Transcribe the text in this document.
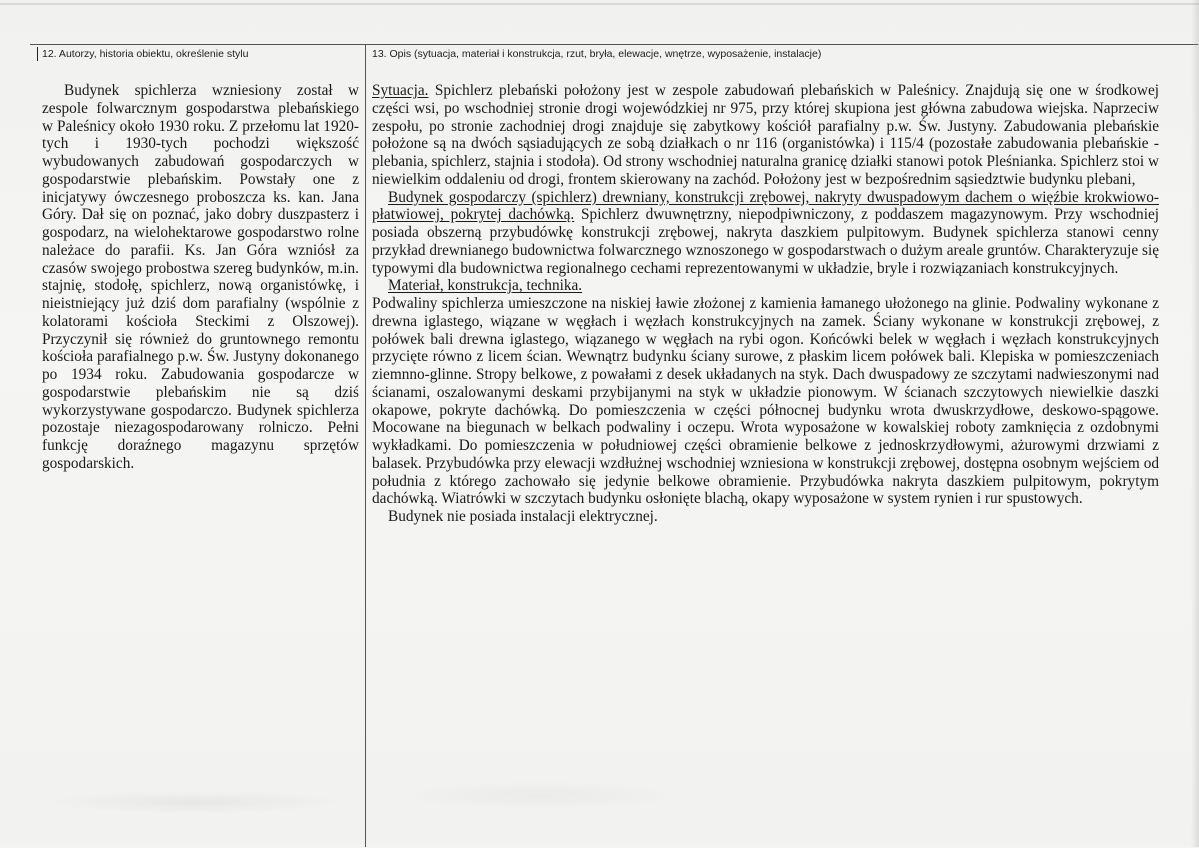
12. Autorzy, historia obiektu, określenie stylu	13. Opis (sytuacja, materiał i konstrukcja, rzut, bryła, elewacje, wnętrze, wyposażenie, instalacje)
Budynek spichlerza wzniesiony został w zespole folwarcznym gospodarstwa plebańskiego w Paleśnicy około 1930 roku. Z przełomu lat 1920-tych i 1930-tych pochodzi większość wybudowanych zabudowań gospodarczych w gospodarstwie plebańskim. Powstały one z inicjatywy ówczesnego proboszcza ks. kan. Jana Góry. Dał się on poznać, jako dobry duszpasterz i gospodarz, na wielohektarowe gospodarstwo rolne należace do parafii. Ks. Jan Góra wzniósł za czasów swojego probostwa szereg budynków, m.in. stajnię, stodołę, spichlerz, nową organistówkę, i nieistniejący już dziś dom parafialny (wspólnie z kolatorami kościoła Steckimi z Olszowej). Przyczynił się również do gruntownego remontu kościoła parafialnego p.w. Św. Justyny dokonanego po 1934 roku. Zabudowania gospodarcze w gospodarstwie plebańskim nie są dziś wykorzystywane gospodarczo. Budynek spichlerza pozostaje niezagospodarowany rolniczo. Pełni funkcję doraźnego magazynu sprzętów gospodarskich.

Sytuacja. Spichlerz plebański położony jest w zespole zabudowań plebańskich w Paleśnicy. Znajdują się one w środkowej części wsi, po wschodniej stronie drogi wojewódzkiej nr 975, przy której skupiona jest główna zabudowa wiejska. Naprzeciw zespołu, po stronie zachodniej drogi znajduje się zabytkowy kościół parafialny p.w. Św. Justyny. Zabudowania plebańskie położone są na dwóch sąsiadujących ze sobą działkach o nr 116 (organistówka) i 115/4 (pozostałe zabudowania plebańskie - plebania, spichlerz, stajnia i stodoła). Od strony wschodniej naturalna granicę działki stanowi potok Pleśnianka. Spichlerz stoi w niewielkim oddaleniu od drogi, frontem skierowany na zachód. Położony jest w bezpośrednim sąsiedztwie budynku plebani,

Budynek gospodarczy (spichlerz) drewniany, konstrukcji zrębowej, nakryty dwuspadowym dachem o więźbie krokwiowo-płatwiowej, pokrytej dachówką. Spichlerz dwuwnętrzny, niepodpiwniczony, z poddaszem magazynowym. Przy wschodniej posiada obszerną przybudówkę konstrukcji zrębowej, nakryta daszkiem pulpitowym. Budynek spichlerza stanowi cenny przykład drewnianego budownictwa folwarcznego wznoszonego w gospodarstwach o dużym areale gruntów. Charakteryzuje się typowymi dla budownictwa regionalnego cechami reprezentowanymi w układzie, bryle i rozwiązaniach konstrukcyjnych.

Materiał, konstrukcja, technika.

Podwaliny spichlerza umieszczone na niskiej ławie złożonej z kamienia łamanego ułożonego na glinie. Podwaliny wykonane z drewna iglastego, wiązane w węgłach i węzłach konstrukcyjnych na zamek. Ściany wykonane w konstrukcji zrębowej, z połówek bali drewna iglastego, wiązanego w węgłach na rybi ogon. Końcówki belek w węgłach i węzłach konstrukcyjnych przycięte równo z licem ścian. Wewnątrz budynku ściany surowe, z płaskim licem połówek bali. Klepiska w pomieszczeniach ziemnno-glinne. Stropy belkowe, z powałami z desek układanych na styk. Dach dwuspadowy ze szczytami nadwieszonymi nad ścianami, oszalowanymi deskami przybijanymi na styk w układzie pionowym. W ścianach szczytowych niewielkie daszki okapowe, pokryte dachówką. Do pomieszczenia w części północnej budynku wrota dwuskrzydłowe, deskowo-spągowe. Mocowane na biegunach w belkach podwaliny i oczepu. Wrota wyposażone w kowalskiej roboty zamknięcia z ozdobnymi wykładkami. Do pomieszczenia w południowej części obramienie belkowe z jednoskrzydłowymi, ażurowymi drzwiami z balasek. Przybudówka przy elewacji wzdłużnej wschodniej wzniesiona w konstrukcji zrębowej, dostępna osobnym wejściem od południa z którego zachowało się jedynie belkowe obramienie. Przybudówka nakryta daszkiem pulpitowym, pokrytym dachówką. Wiatrówki w szczytach budynku osłonięte blachą, okapy wyposażone w system rynien i rur spustowych.

Budynek nie posiada instalacji elektrycznej.
